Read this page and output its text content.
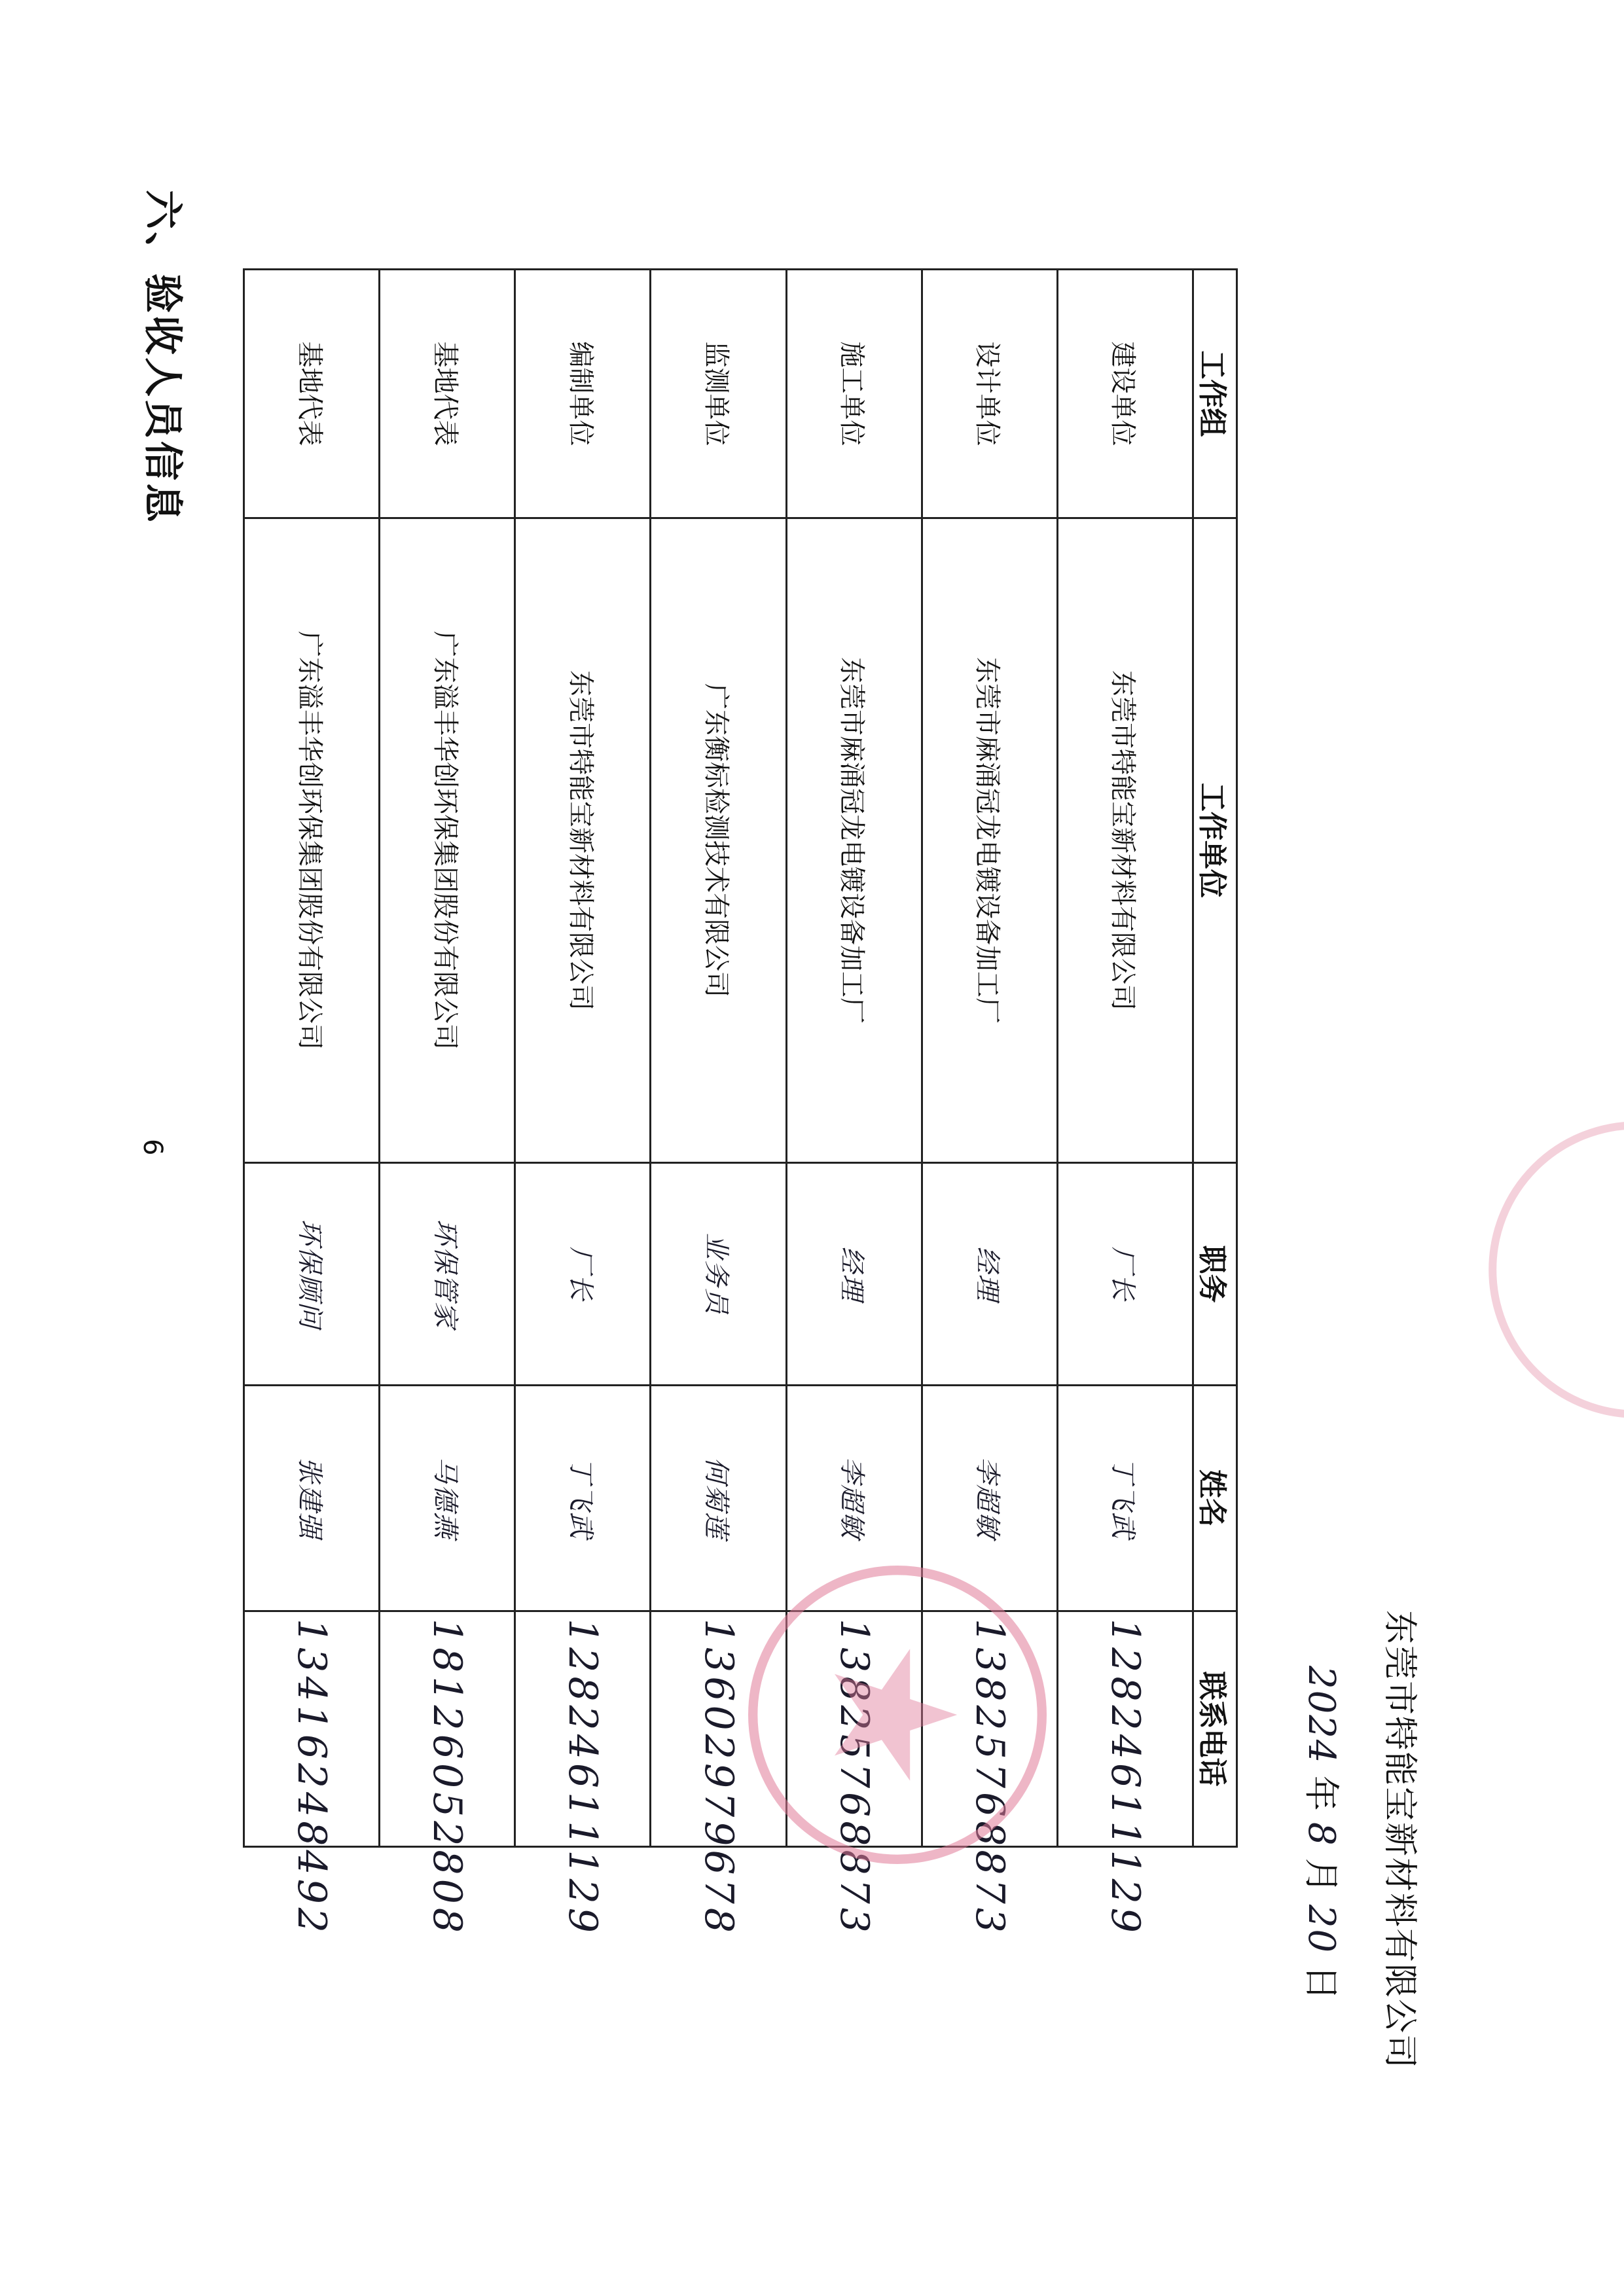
六、验收人员信息	工作组	工作单位	职务	姓名	联系电话
建设单位	东莞市特能宝新材料有限公司	厂长	丁飞武	12824611129
设计单位	东莞市麻涌冠龙电镀设备加工厂	经理	李超敏	13825768873
施工单位	东莞市麻涌冠龙电镀设备加工厂	经理	李超敏	13825768873
监测单位	广东衡标检测技术有限公司	业务员	何菊莲	13602979678
编制单位	东莞市特能宝新材料有限公司	厂长	丁飞武	12824611129
基地代表	广东溢丰华创环保集团股份有限公司	环保管家	马德燕	18126052808
基地代表	广东溢丰华创环保集团股份有限公司	环保顾问	张建强	13416248492
6
东莞市特能宝新材料有限公司
2024 年 8 月 20 日
